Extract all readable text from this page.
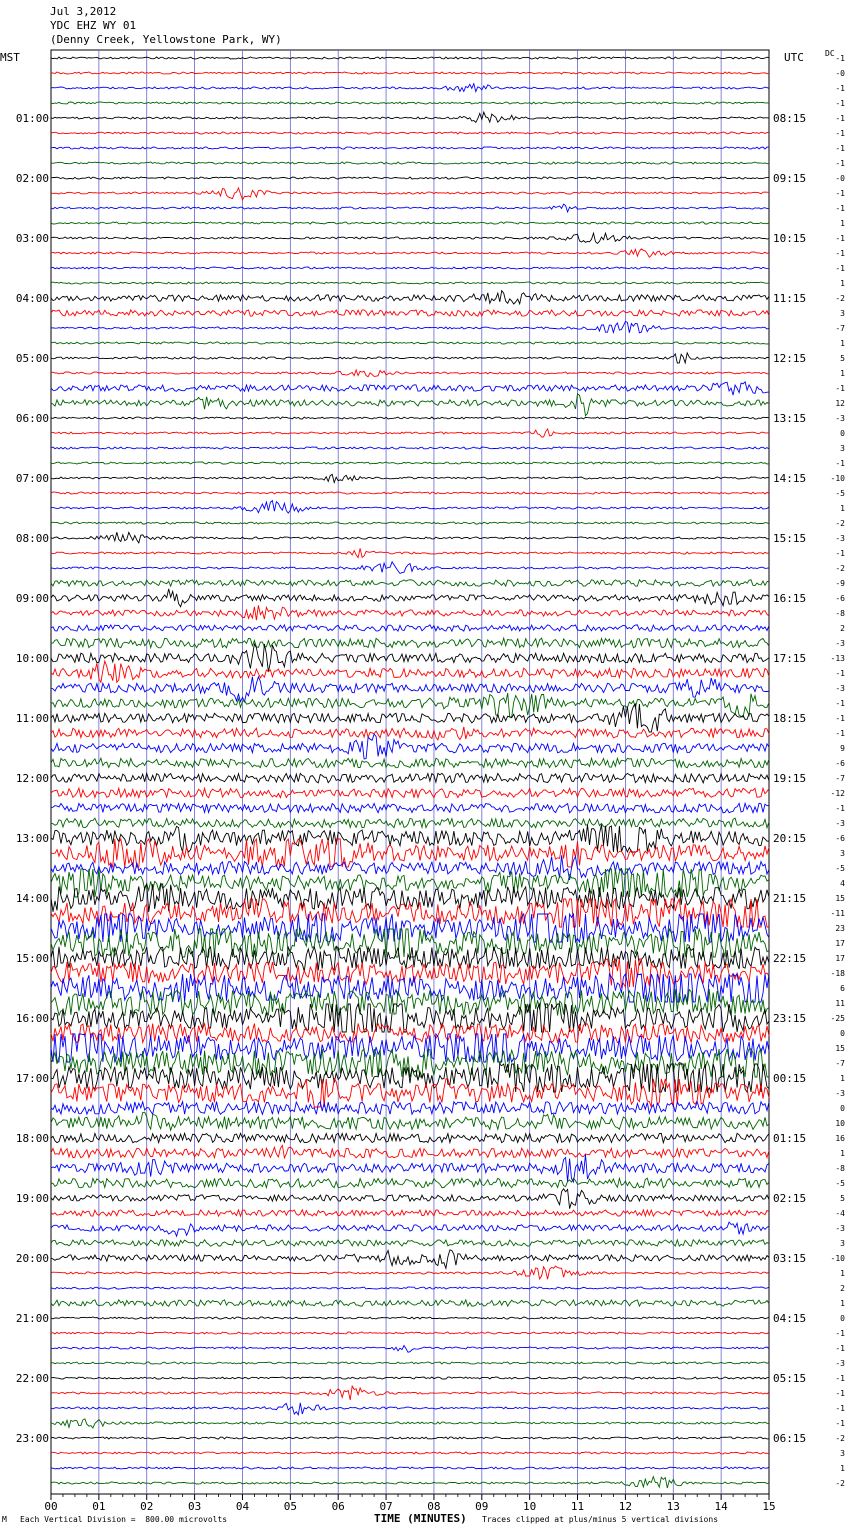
Jul 3,2012
YDC EHZ WY 01
(Denny Creek, Yellowstone Park, WY)
MST	UTC	DC
00	01	02	03	04	05	06	07	08	09	10	11	12	13	14	15
-1
-0
-1
-1
-1
01:00	08:15
-1
-1
-1
-0
02:00	09:15
-1
-1
1
-1
03:00	10:15
-1
-1
1
-2
04:00	11:15
3
-7
1
5
05:00	12:15
1
-1
12
-3
06:00	13:15
0
3
-1
-10
07:00	14:15
-5
1
-2
-3
08:00	15:15
-1
-2
-9
-6
09:00	16:15
-8
2
-3
-13
10:00	17:15
-1
-3
-1
-1
11:00	18:15
-1
9
-6
-7
12:00	19:15
-12
-1
-3
-6
13:00	20:15
3
-5
4
15
14:00	21:15
-11
23
17
17
15:00	22:15
-18
6
11
-25
16:00	23:15
0
15
-7
1
17:00	00:15
-3
0
10
16
18:00	01:15
1
-8
-5
5
19:00	02:15
-4
-3
3
-10
20:00	03:15
1
2
1
0
21:00	04:15
-1
-1
-3
-1
22:00	05:15
-1
-1
-1
-2
23:00	06:15
3
1
-2
M Each Vertical Division =  800.00 microvolts	TIME (MINUTES) Traces clipped at plus/minus 5 vertical divisions
